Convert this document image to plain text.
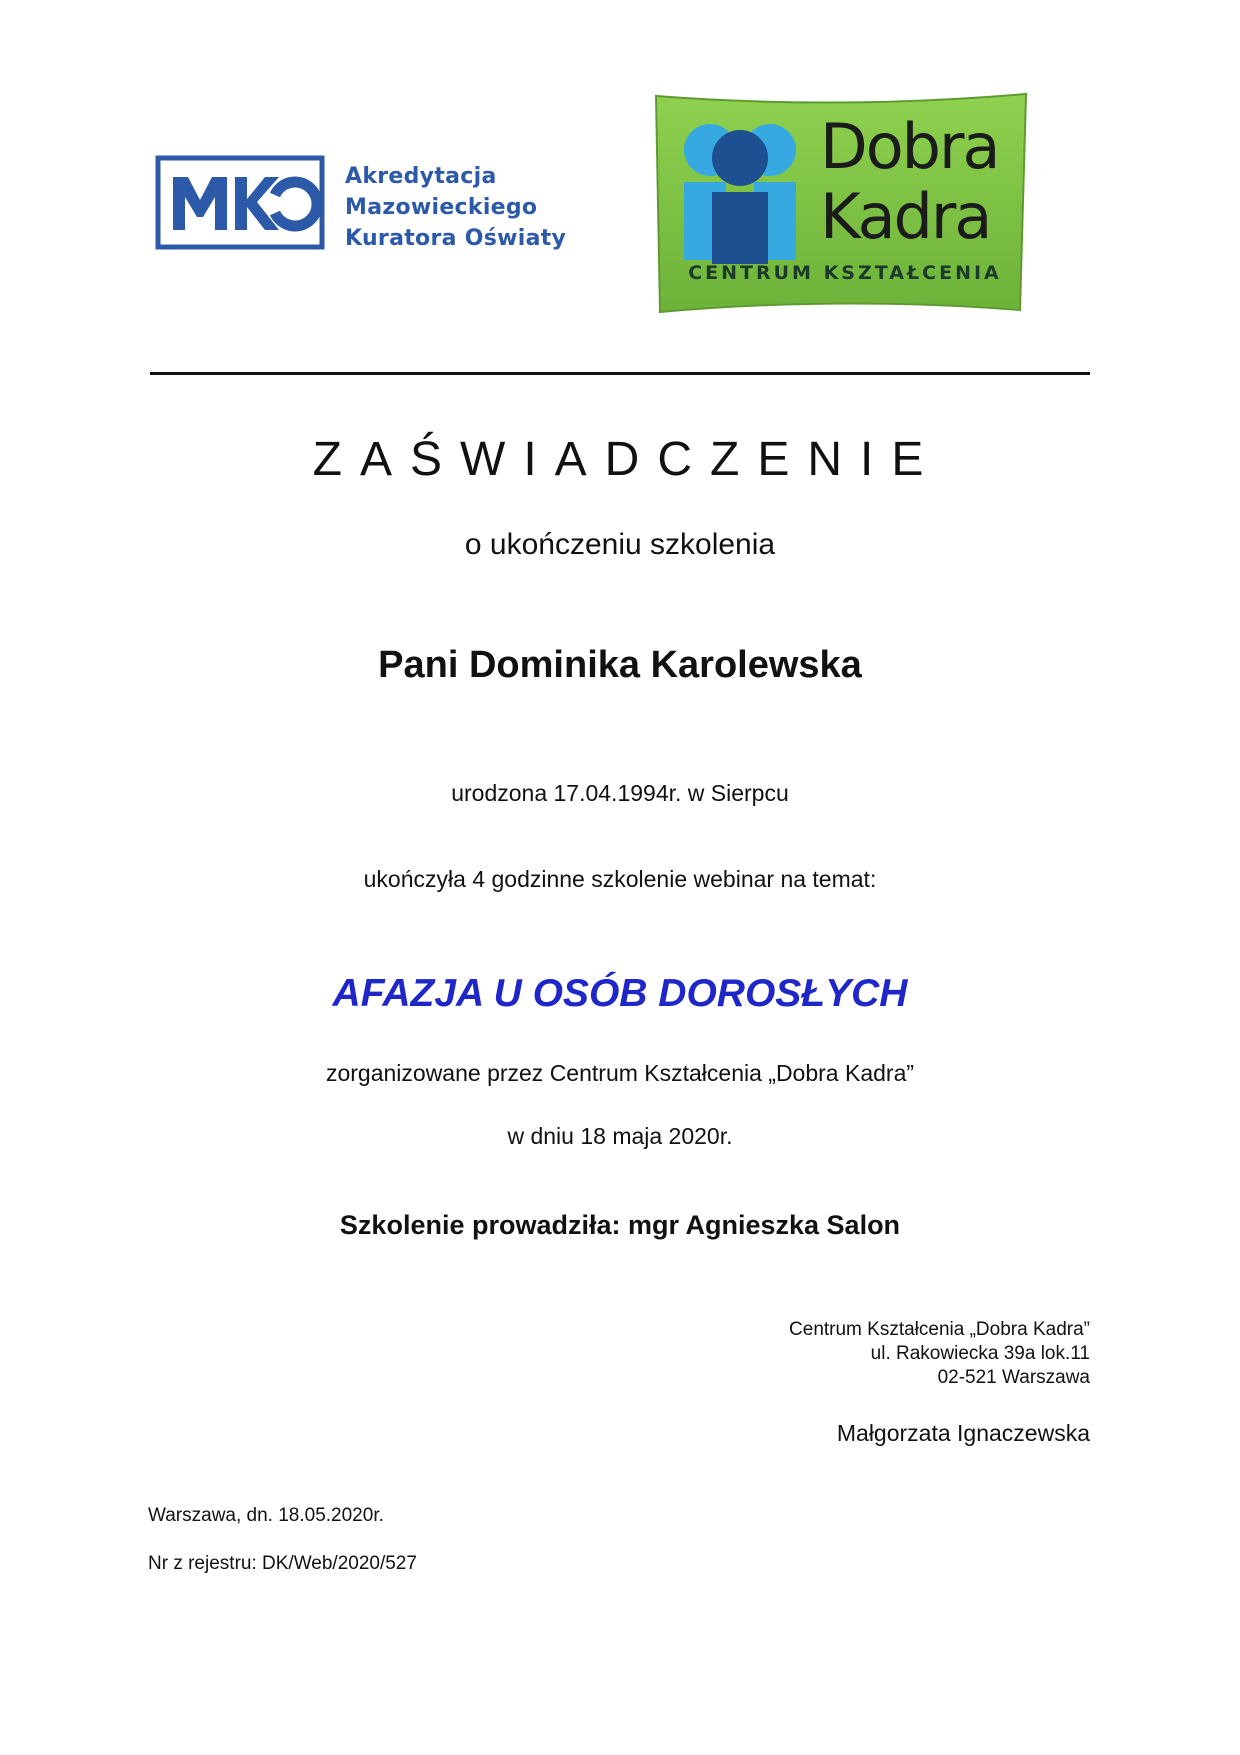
Akredytacja
Mazowieckiego
Kuratora Oświaty
Dobra
Kadra
CENTRUM KSZTAŁCENIA
ZAŚWIADCZENIE
o ukończeniu szkolenia
Pani Dominika Karolewska
urodzona 17.04.1994r. w Sierpcu
ukończyła 4 godzinne szkolenie webinar na temat:
AFAZJA U OSÓB DOROSŁYCH
zorganizowane przez Centrum Kształcenia „Dobra Kadra”
w dniu 18 maja 2020r.
Szkolenie prowadziła: mgr Agnieszka Salon
Centrum Kształcenia „Dobra Kadra”
ul. Rakowiecka 39a lok.11
02-521 Warszawa
Małgorzata Ignaczewska
Warszawa, dn. 18.05.2020r.
Nr z rejestru: DK/Web/2020/527
